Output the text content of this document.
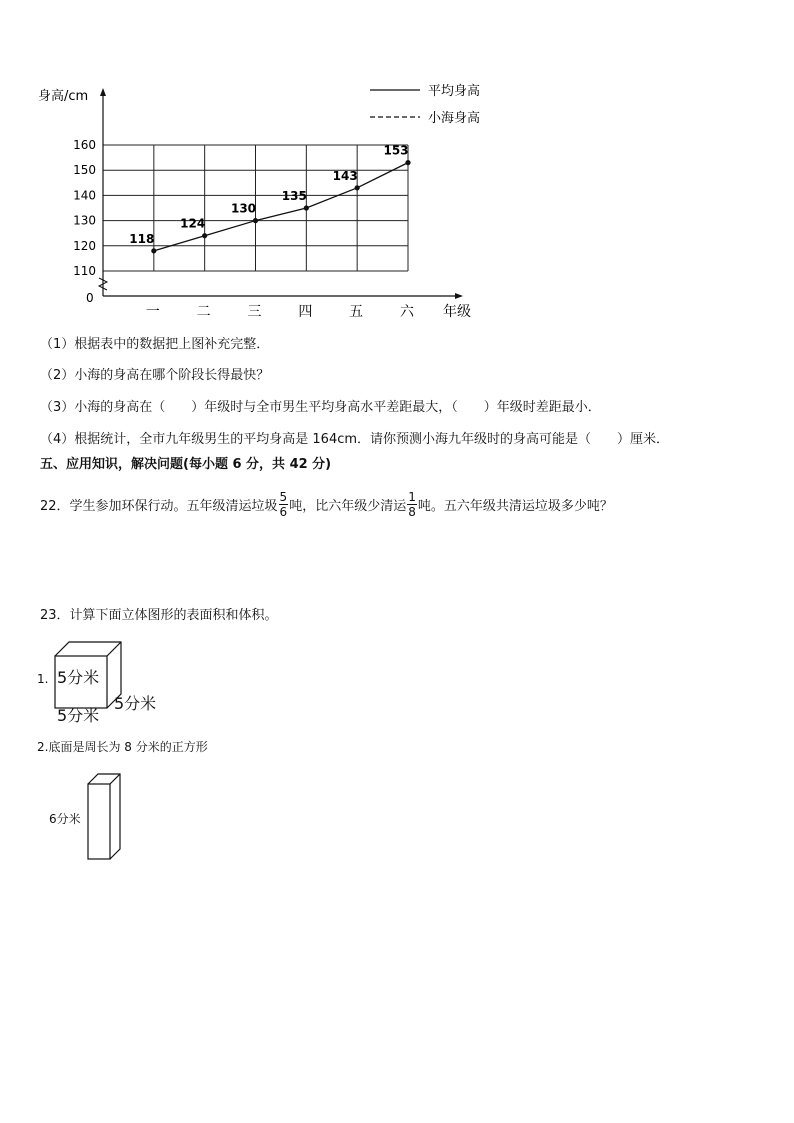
身高/cm
年级
0
110
120
130
140
150
160
一	二	三	四	五	六
118
124
130
135
143
153
平均身高
小海身高
（1）根据表中的数据把上图补充完整．
（2）小海的身高在哪个阶段长得最快？
（3）小海的身高在（　　）年级时与全市男生平均身高水平差距最大，（　　）年级时差距最小．
（4）根据统计，全市九年级男生的平均身高是 164cm．请你预测小海九年级时的身高可能是（　　）厘米．
五、应用知识，解决问题(每小题 6 分，共 42 分)
22．学生参加环保行动。五年级清运垃圾 $\frac{5}{6}$ 吨，比六年级少清运 $\frac{1}{8}$ 吨。五六年级共清运垃圾多少吨？
23．计算下面立体图形的表面积和体积。
1. 5分米
5分米
5分米
2.底面是周长为 8 分米的正方形
6分米
